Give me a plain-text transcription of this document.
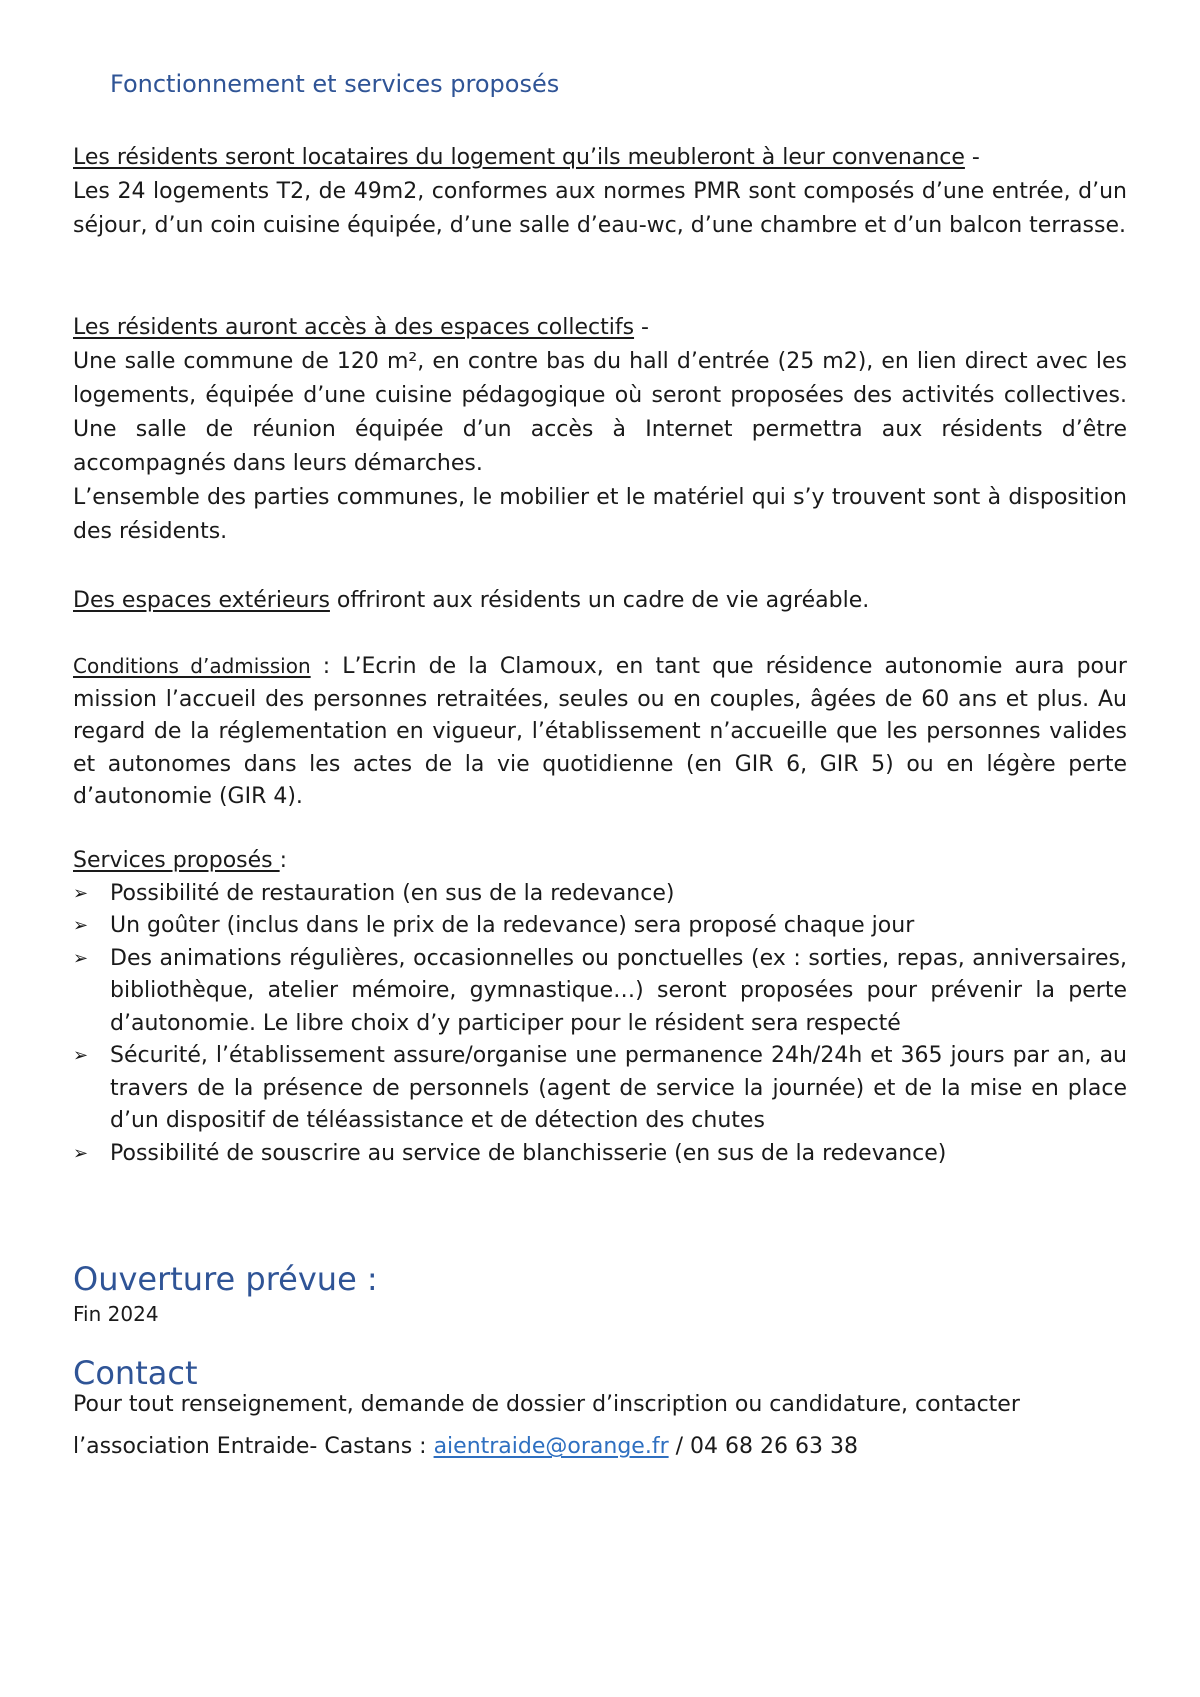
Fonctionnement et services proposés

Les résidents seront locataires du logement qu’ils meubleront à leur convenance -
Les 24 logements T2, de 49m2, conformes aux normes PMR sont composés d’une entrée, d’un séjour, d’un coin cuisine équipée, d’une salle d’eau-wc, d’une chambre et d’un balcon terrasse.

Les résidents auront accès à des espaces collectifs -
Une salle commune de 120 m², en contre bas du hall d’entrée (25 m2), en lien direct avec les logements, équipée d’une cuisine pédagogique où seront proposées des activités collectives. Une salle de réunion équipée d’un accès à Internet permettra aux résidents d’être accompagnés dans leurs démarches.
L’ensemble des parties communes, le mobilier et le matériel qui s’y trouvent sont à disposition des résidents.

Des espaces extérieurs offriront aux résidents un cadre de vie agréable.

Conditions d’admission : L’Ecrin de la Clamoux, en tant que résidence autonomie aura pour mission l’accueil des personnes retraitées, seules ou en couples, âgées de 60 ans et plus. Au regard de la réglementation en vigueur, l’établissement n’accueille que les personnes valides et autonomes dans les actes de la vie quotidienne (en GIR 6, GIR 5) ou en légère perte d’autonomie (GIR 4).

Services proposés :

➢ Possibilité de restauration (en sus de la redevance)
➢ Un goûter (inclus dans le prix de la redevance) sera proposé chaque jour
➢ Des animations régulières, occasionnelles ou ponctuelles (ex : sorties, repas, anniversaires, bibliothèque, atelier mémoire, gymnastique…) seront proposées pour prévenir la perte d’autonomie. Le libre choix d’y participer pour le résident sera respecté
➢ Sécurité, l’établissement assure/organise une permanence 24h/24h et 365 jours par an, au travers de la présence de personnels (agent de service la journée) et de la mise en place d’un dispositif de téléassistance et de détection des chutes
➢ Possibilité de souscrire au service de blanchisserie (en sus de la redevance)
Ouverture prévue :

Fin 2024

Contact

Pour tout renseignement, demande de dossier d’inscription ou candidature, contacter

l’association Entraide- Castans : aientraide@orange.fr / 04 68 26 63 38
